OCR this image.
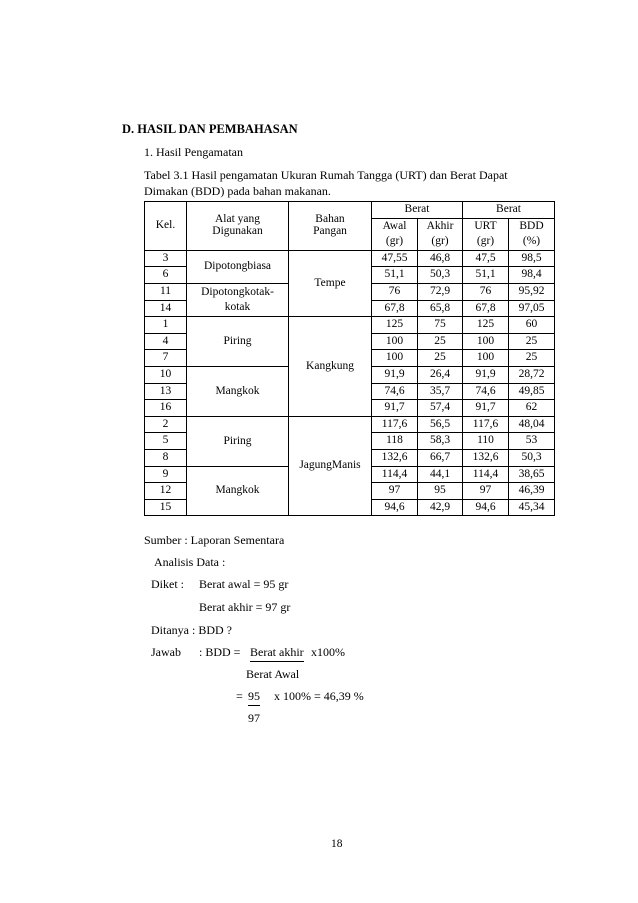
D. HASIL DAN PEMBAHASAN
1. Hasil Pengamatan
Tabel 3.1 Hasil pengamatan Ukuran Rumah Tangga (URT) dan Berat Dapat
Dimakan (BDD) pada bahan makanan.
Kel.	Alat yang Digunakan	Bahan Pangan	Berat		Berat	
			Awal	Akhir	URT	BDD
			(gr)	(gr)	(gr)	(%)
3	Dipotongbiasa	Tempe	47,55	46,8	47,5	98,5
6			51,1	50,3	51,1	98,4
11	Dipotongkotak-kotak		76	72,9	76	95,92
14			67,8	65,8	67,8	97,05
1	Piring	Kangkung	125	75	125	60
4			100	25	100	25
7			100	25	100	25
10	Mangkok		91,9	26,4	91,9	28,72
13			74,6	35,7	74,6	49,85
16			91,7	57,4	91,7	62
2	Piring	JagungManis	117,6	56,5	117,6	48,04
5			118	58,3	110	53
8			132,6	66,7	132,6	50,3
9	Mangkok		114,4	44,1	114,4	38,65
12			97	95	97	46,39
15			94,6	42,9	94,6	45,34
Sumber : Laporan Sementara
Analisis Data :
Diket : Berat awal = 95 gr
Berat akhir = 97 gr
Ditanya : BDD ?
Jawab : BDD = Berat akhir x100%
Berat Awal
= 95 x 100% = 46,39 %
97
18
